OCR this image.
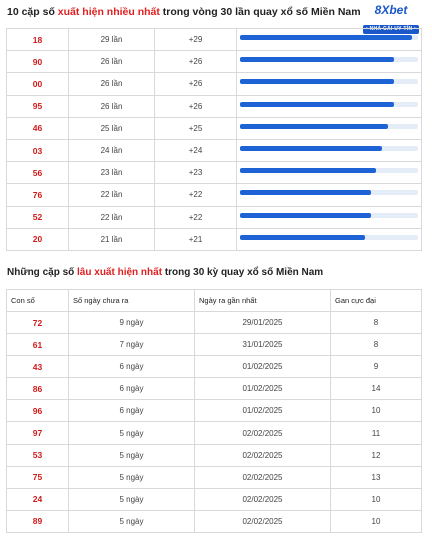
10 cặp số xuất hiện nhiều nhất trong vòng 30 lần quay xổ số Miền Nam	8Xbet
• NHÀ CÁI UY TÍN •
18	29 lần	+29	

90	26 lần	+26	

00	26 lần	+26	

95	26 lần	+26	

46	25 lần	+25	

03	24 lần	+24	

56	23 lần	+23	

76	22 lần	+22	

52	22 lần	+22	

20	21 lần	+21	
Những cặp số lâu xuất hiện nhất trong 30 kỳ quay xổ số Miền Nam
Con số	Số ngày chưa ra	Ngày ra gần nhất	Gan cực đại
72	9 ngày	29/01/2025	8
61	7 ngày	31/01/2025	8
43	6 ngày	01/02/2025	9
86	6 ngày	01/02/2025	14
96	6 ngày	01/02/2025	10
97	5 ngày	02/02/2025	11
53	5 ngày	02/02/2025	12
75	5 ngày	02/02/2025	13
24	5 ngày	02/02/2025	10
89	5 ngày	02/02/2025	10
